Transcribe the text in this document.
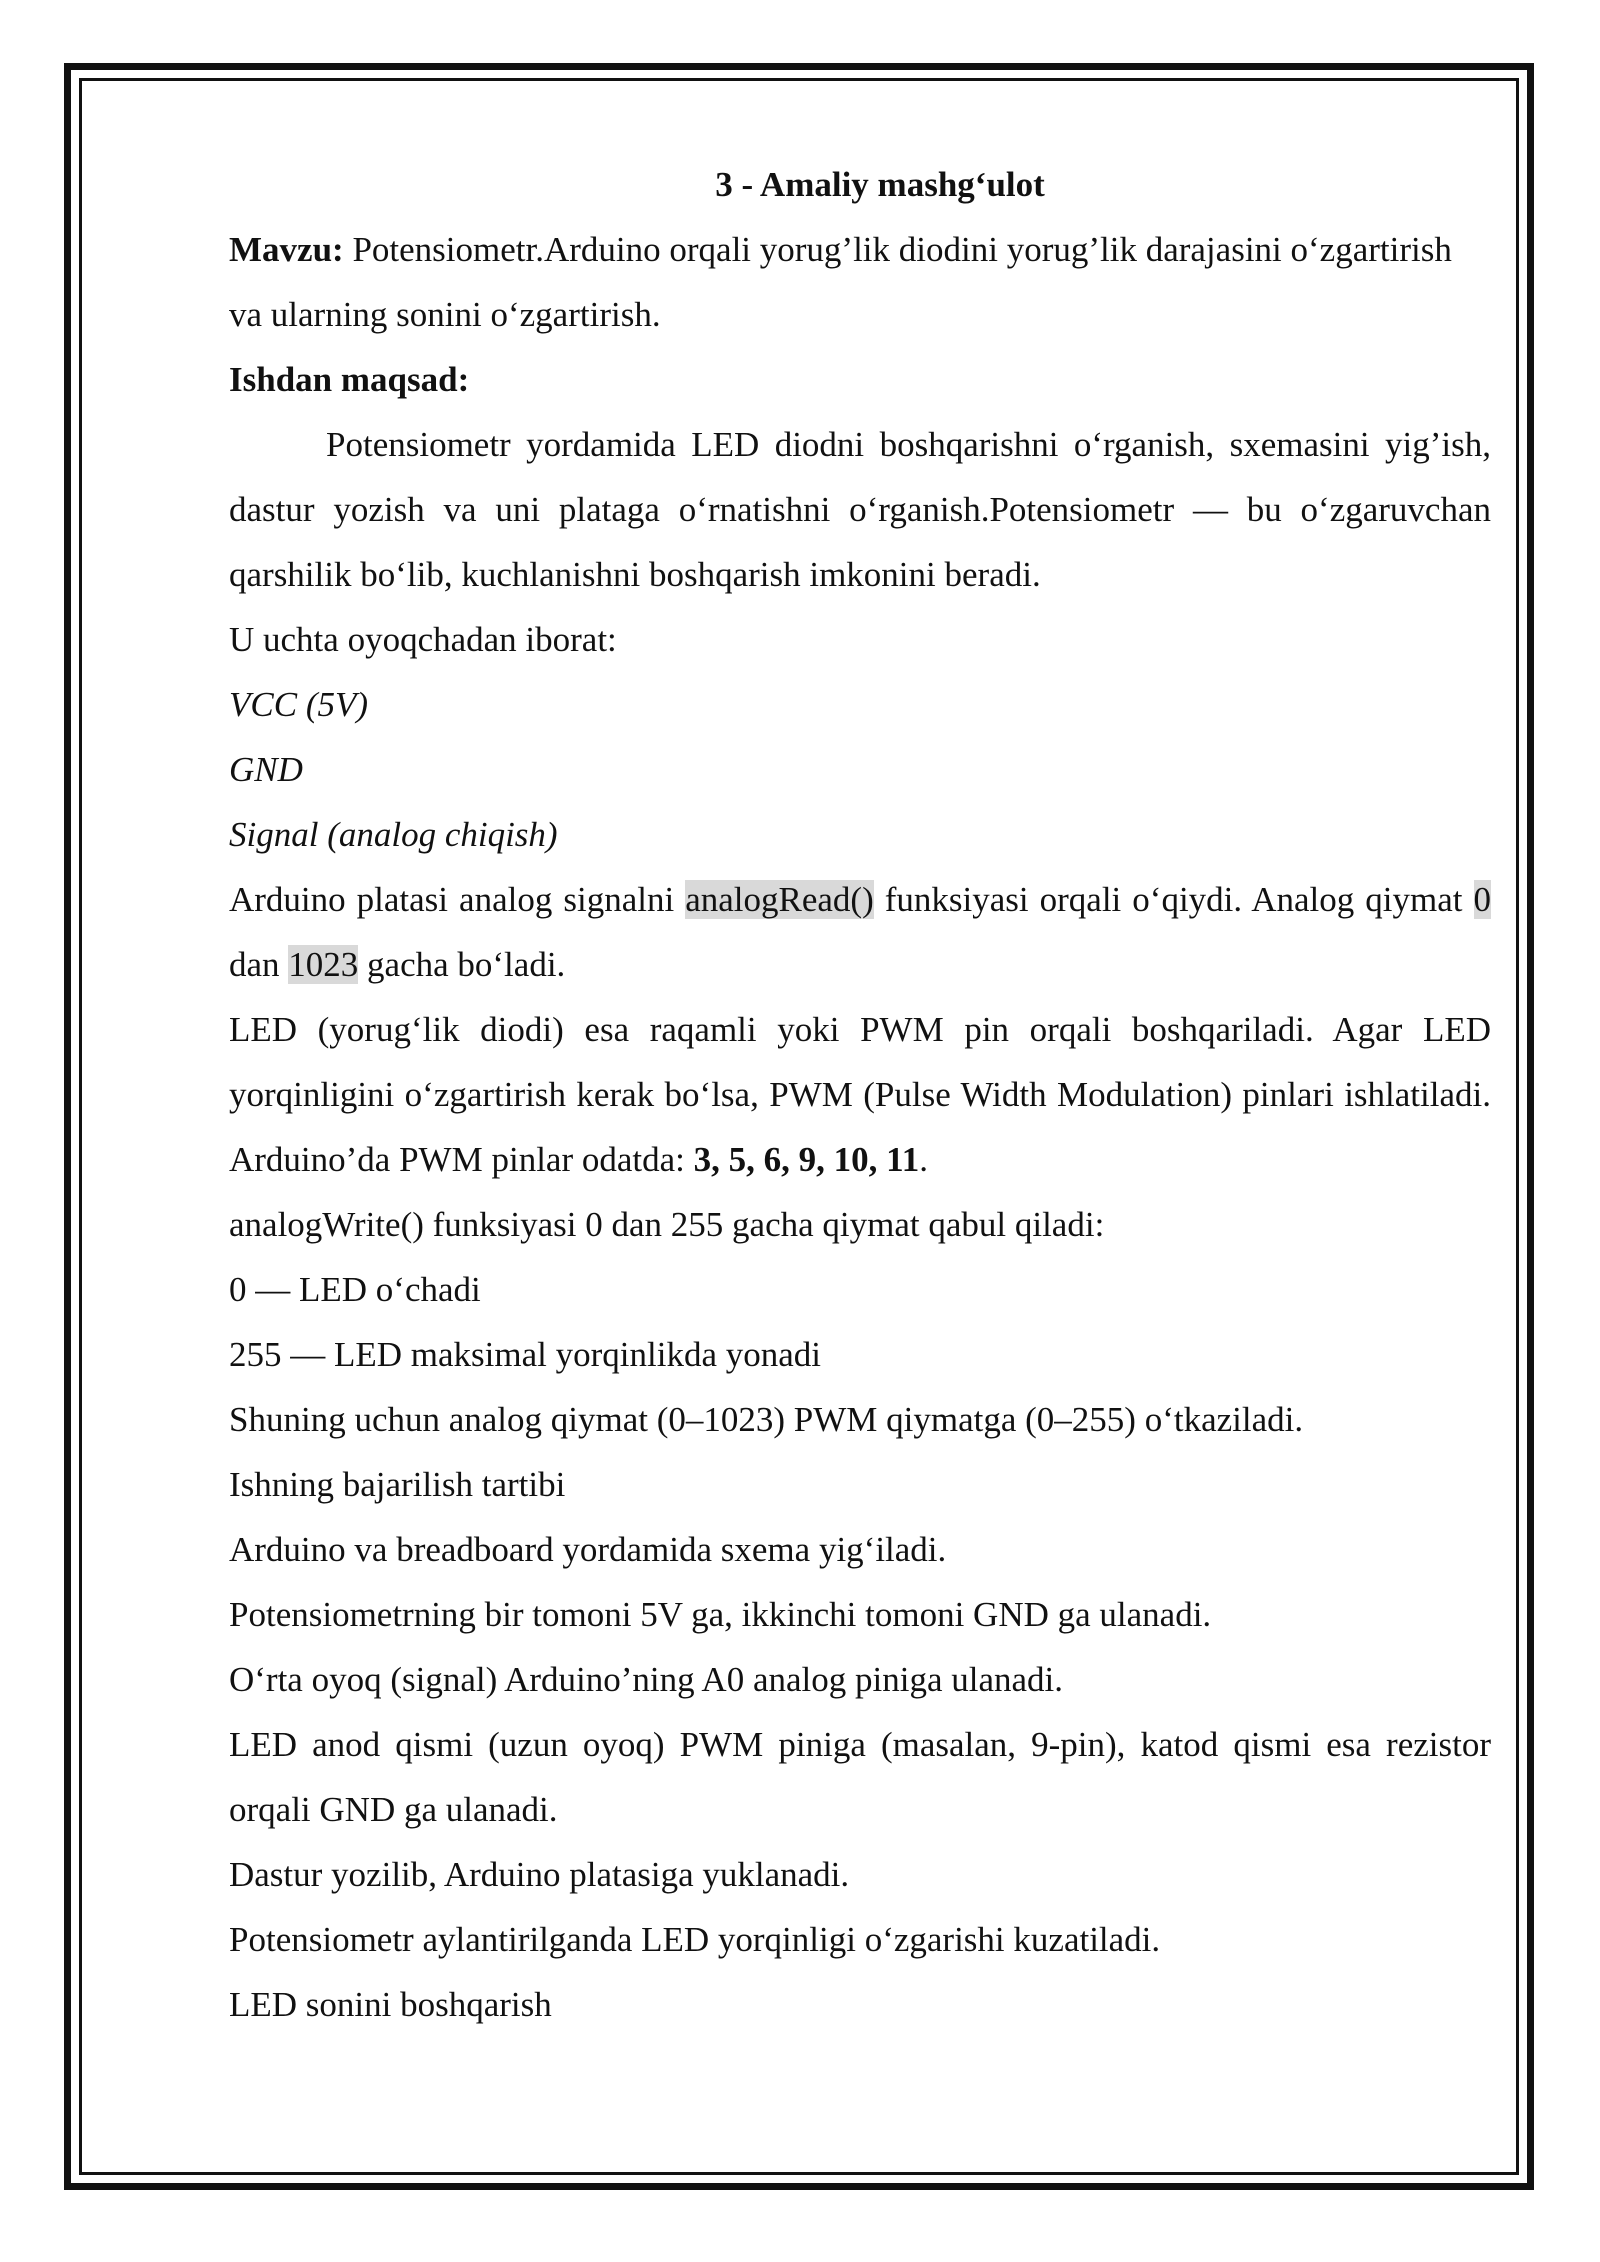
3 - Amaliy mashg‘ulot

Mavzu: Potensiometr.Arduino orqali yorug’lik diodini yorug’lik darajasini o‘zgartirish va ularning sonini o‘zgartirish.

Ishdan maqsad:

Potensiometr yordamida LED diodni boshqarishni o‘rganish, sxemasini yig’ish, dastur yozish va uni plataga o‘rnatishni o‘rganish.Potensiometr — bu o‘zgaruvchan qarshilik bo‘lib, kuchlanishni boshqarish imkonini beradi.

U uchta oyoqchadan iborat:

VCC (5V)

GND

Signal (analog chiqish)

Arduino platasi analog signalni analogRead() funksiyasi orqali o‘qiydi. Analog qiymat 0 dan 1023 gacha bo‘ladi.

LED (yorug‘lik diodi) esa raqamli yoki PWM pin orqali boshqariladi. Agar LED yorqinligini o‘zgartirish kerak bo‘lsa, PWM (Pulse Width Modulation) pinlari ishlatiladi. Arduino’da PWM pinlar odatda: 3, 5, 6, 9, 10, 11.

analogWrite() funksiyasi 0 dan 255 gacha qiymat qabul qiladi:

0 — LED o‘chadi

255 — LED maksimal yorqinlikda yonadi

Shuning uchun analog qiymat (0–1023) PWM qiymatga (0–255) o‘tkaziladi.

Ishning bajarilish tartibi

Arduino va breadboard yordamida sxema yig‘iladi.

Potensiometrning bir tomoni 5V ga, ikkinchi tomoni GND ga ulanadi.

O‘rta oyoq (signal) Arduino’ning A0 analog piniga ulanadi.

LED anod qismi (uzun oyoq) PWM piniga (masalan, 9-pin), katod qismi esa rezistor

orqali GND ga ulanadi.

Dastur yozilib, Arduino platasiga yuklanadi.

Potensiometr aylantirilganda LED yorqinligi o‘zgarishi kuzatiladi.

LED sonini boshqarish
